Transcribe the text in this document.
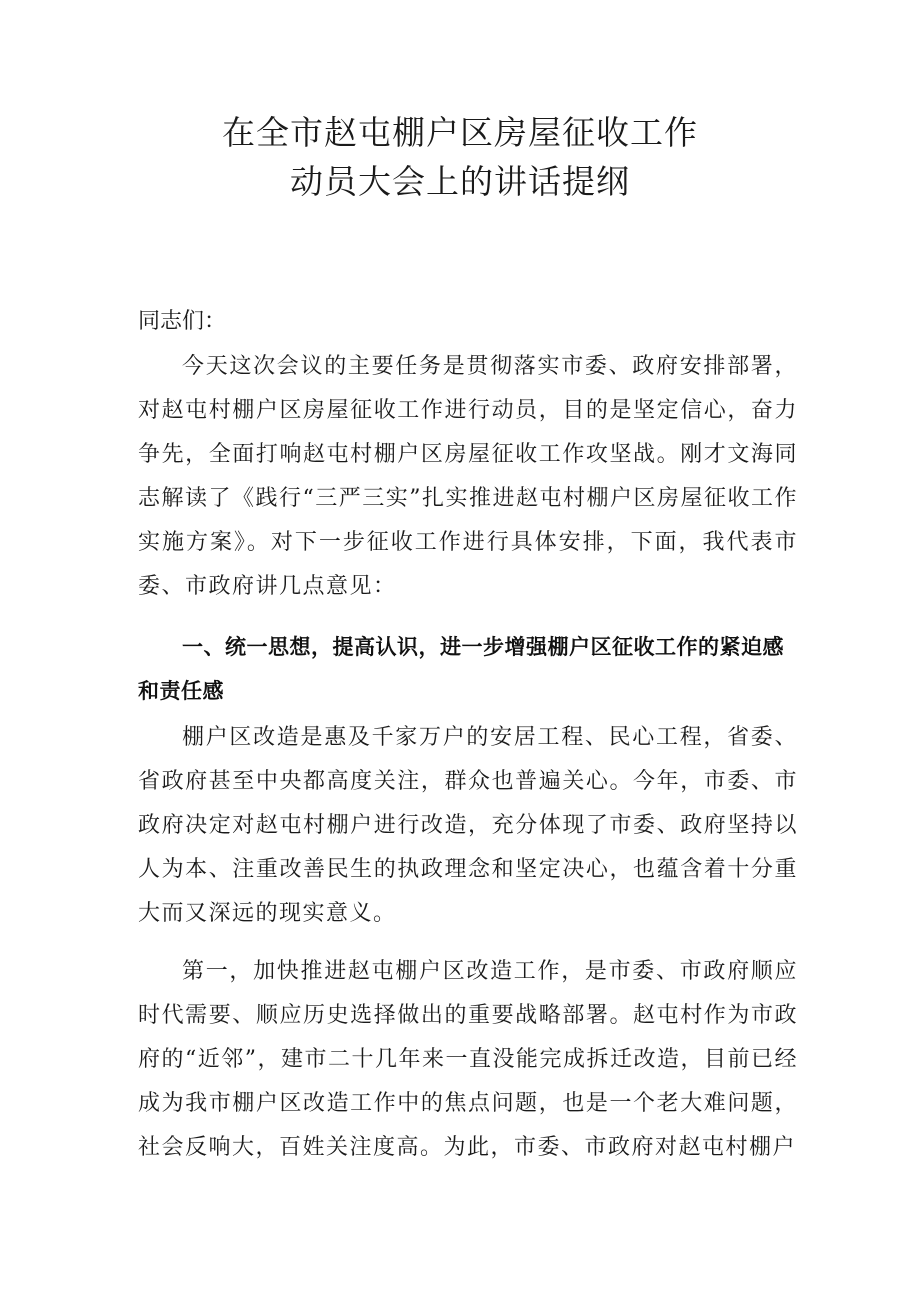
在全市赵屯棚户区房屋征收工作
动员大会上的讲话提纲

同志们：

今天这次会议的主要任务是贯彻落实市委、政府安排部署，对赵屯村棚户区房屋征收工作进行动员，目的是坚定信心，奋力争先，全面打响赵屯村棚户区房屋征收工作攻坚战。刚才文海同志解读了《践行“三严三实”扎实推进赵屯村棚户区房屋征收工作实施方案》。对下一步征收工作进行具体安排，下面，我代表市委、市政府讲几点意见：

一、统一思想，提高认识，进一步增强棚户区征收工作的紧迫感和责任感

棚户区改造是惠及千家万户的安居工程、民心工程，省委、省政府甚至中央都高度关注，群众也普遍关心。今年，市委、市政府决定对赵屯村棚户进行改造，充分体现了市委、政府坚持以人为本、注重改善民生的执政理念和坚定决心，也蕴含着十分重大而又深远的现实意义。

第一，加快推进赵屯棚户区改造工作，是市委、市政府顺应时代需要、顺应历史选择做出的重要战略部署。赵屯村作为市政府的“近邻”，建市二十几年来一直没能完成拆迁改造，目前已经成为我市棚户区改造工作中的焦点问题，也是一个老大难问题，社会反响大，百姓关注度高。为此，市委、市政府对赵屯村棚户
